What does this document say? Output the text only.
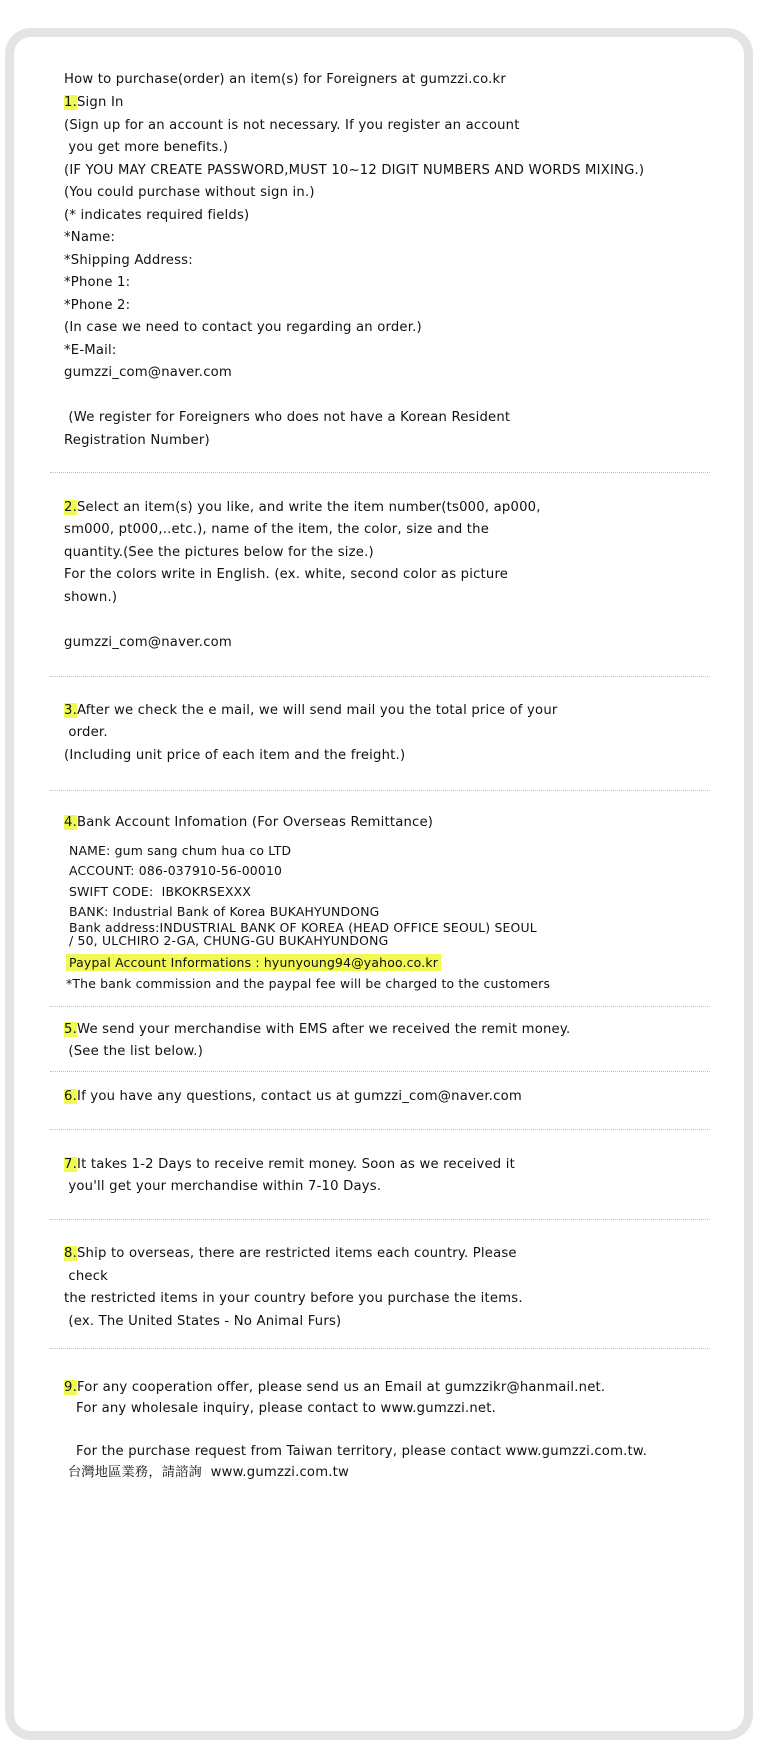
How to purchase(order) an item(s) for Foreigners at gumzzi.co.kr
1.Sign In
(Sign up for an account is not necessary. If you register an account
you get more benefits.)
(IF YOU MAY CREATE PASSWORD,MUST 10~12 DIGIT NUMBERS AND WORDS MIXING.)
(You could purchase without sign in.)
(* indicates required fields)
*Name:
*Shipping Address:
*Phone 1:
*Phone 2:
(In case we need to contact you regarding an order.)
*E-Mail:
gumzzi_com@naver.com
(We register for Foreigners who does not have a Korean Resident
Registration Number)
2.Select an item(s) you like, and write the item number(ts000, ap000,
sm000, pt000,..etc.), name of the item, the color, size and the
quantity.(See the pictures below for the size.)
For the colors write in English. (ex. white, second color as picture
shown.)
gumzzi_com@naver.com
3.After we check the e mail, we will send mail you the total price of your
order.
(Including unit price of each item and the freight.)
4.Bank Account Infomation (For Overseas Remittance)
NAME: gum sang chum hua co LTD
ACCOUNT: 086-037910-56-00010
SWIFT CODE:  IBKOKRSEXXX
BANK: Industrial Bank of Korea BUKAHYUNDONG
Bank address:INDUSTRIAL BANK OF KOREA (HEAD OFFICE SEOUL) SEOUL
/ 50, ULCHIRO 2-GA, CHUNG-GU BUKAHYUNDONG
Paypal Account Informations : hyunyoung94@yahoo.co.kr
*The bank commission and the paypal fee will be charged to the customers
5.We send your merchandise with EMS after we received the remit money.
(See the list below.)
6.If you have any questions, contact us at gumzzi_com@naver.com
7.It takes 1-2 Days to receive remit money. Soon as we received it
you'll get your merchandise within 7-10 Days.
8.Ship to overseas, there are restricted items each country. Please
check
the restricted items in your country before you purchase the items.
(ex. The United States - No Animal Furs)
9.For any cooperation offer, please send us an Email at gumzzikr@hanmail.net.
For any wholesale inquiry, please contact to www.gumzzi.net.
For the purchase request from Taiwan territory, please contact www.gumzzi.com.tw.
台灣地區業務，請諮詢  www.gumzzi.com.tw
